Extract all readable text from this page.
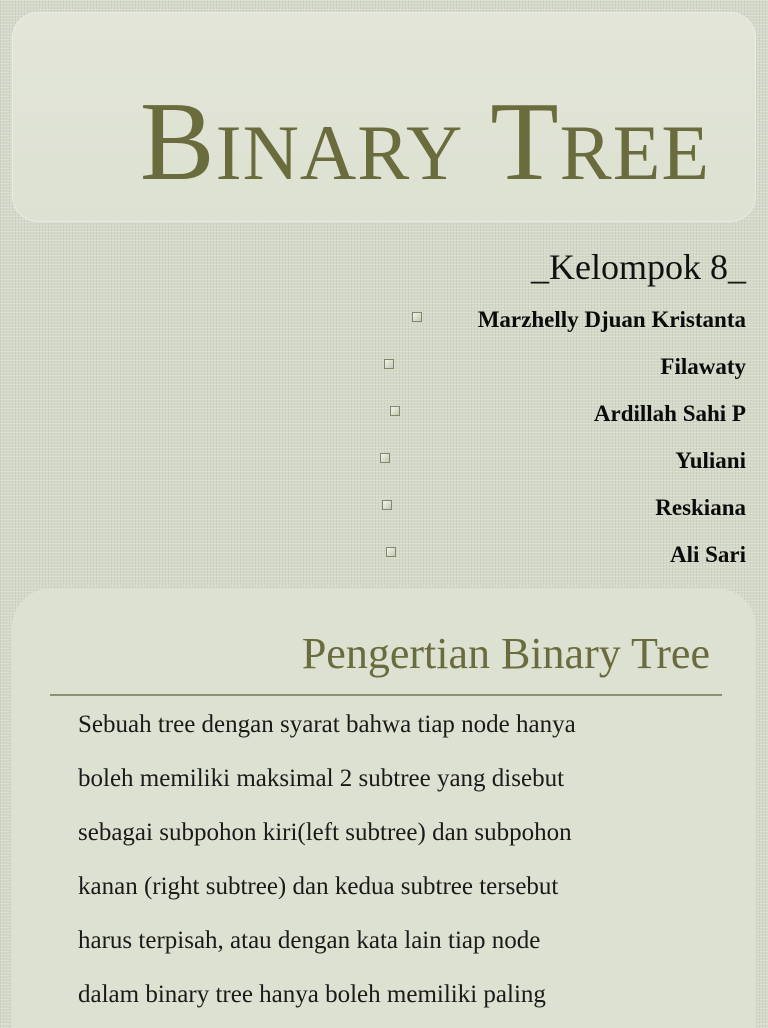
Binary Tree
_Kelompok 8_
Marzhelly Djuan Kristanta
Filawaty
Ardillah Sahi P
Yuliani
Reskiana
Ali Sari
Pengertian Binary Tree

Sebuah tree dengan syarat bahwa tiap node hanya
boleh memiliki maksimal 2 subtree yang disebut
sebagai subpohon kiri(left subtree) dan subpohon
kanan (right subtree) dan kedua subtree tersebut
harus terpisah, atau dengan kata lain tiap node
dalam binary tree hanya boleh memiliki paling
